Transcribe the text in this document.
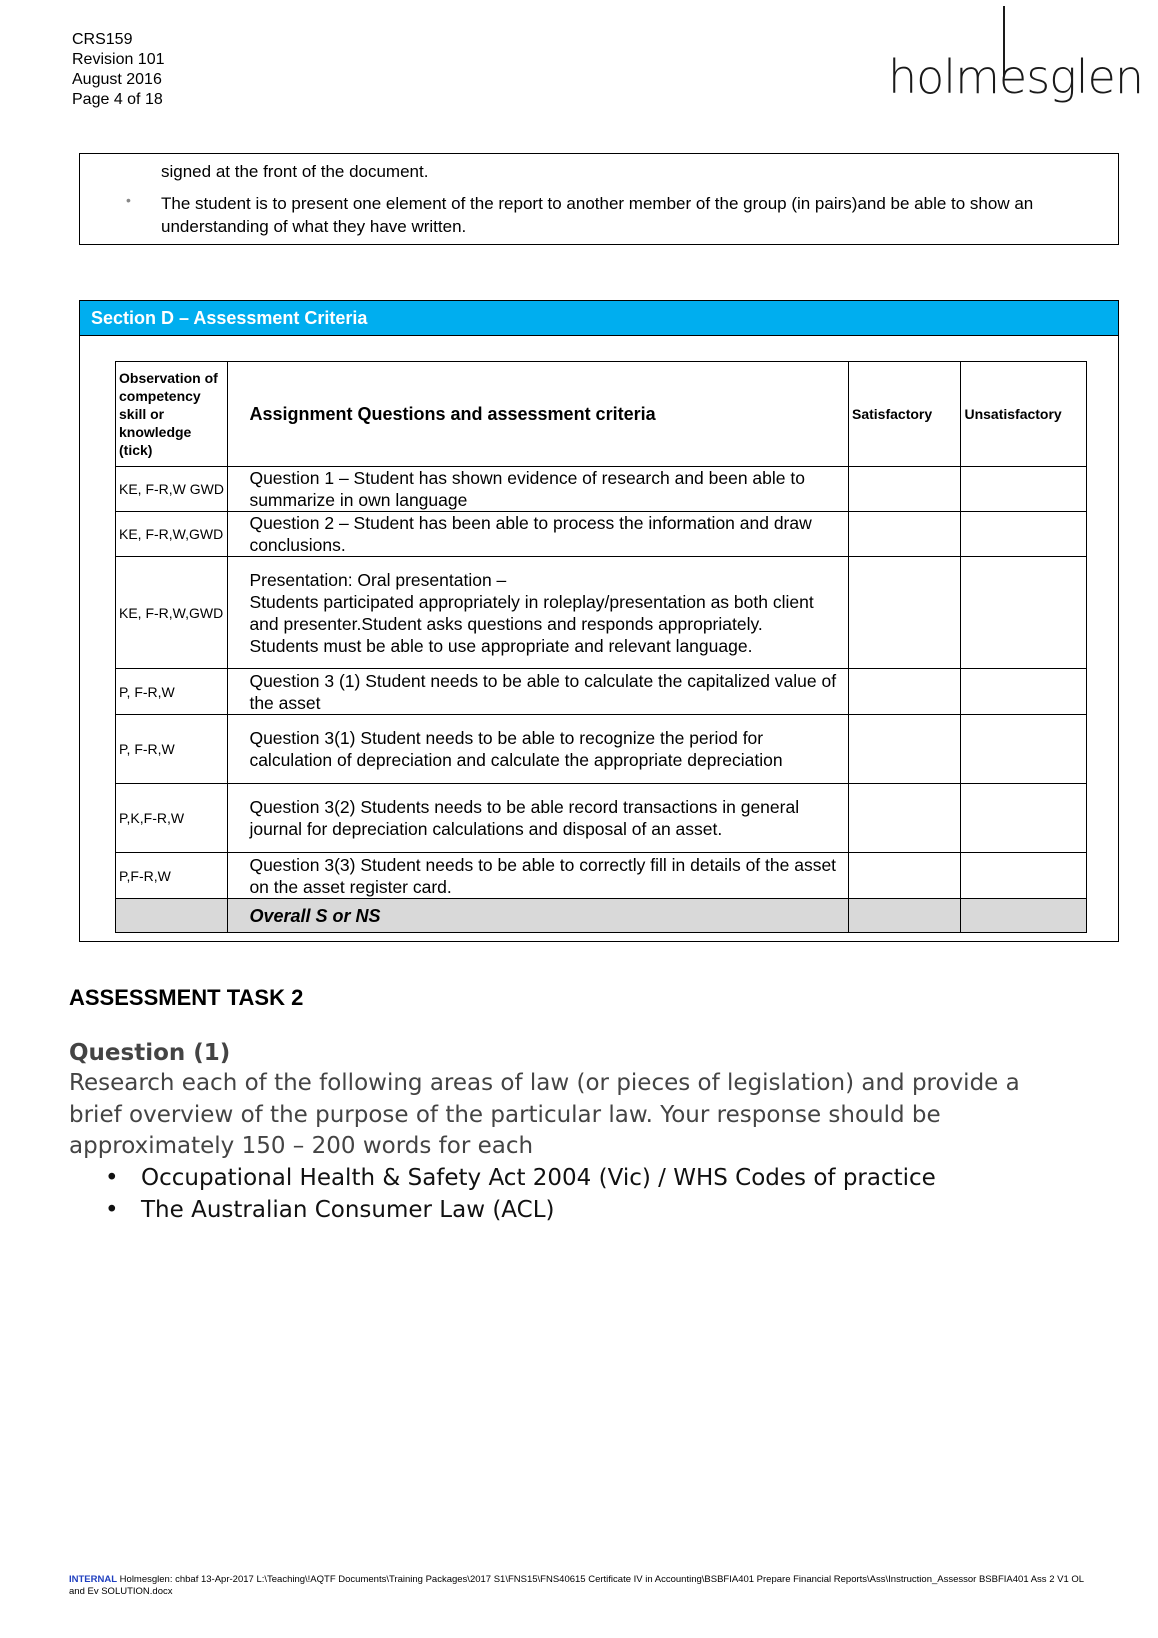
CRS159
Revision 101
August 2016
Page 4 of 18	holmesglen
signed at the front of the document.
• The student is to present one element of the report to another member of the group (in pairs)and be able to show an understanding of what they have written.
Section D – Assessment Criteria
Observation of competency skill or knowledge (tick)	Assignment Questions and assessment criteria	Satisfactory	Unsatisfactory
KE, F-R,W GWD	Question 1 – Student has shown evidence of research and been able to summarize in own language		
KE, F-R,W,GWD	Question 2 – Student has been able to process the information and draw conclusions.		
KE, F-R,W,GWD	Presentation: Oral presentation –
Students participated appropriately in roleplay/presentation as both client and presenter.Student asks questions and responds appropriately.
Students must be able to use appropriate and relevant language.		
P, F-R,W	Question 3 (1) Student needs to be able to calculate the capitalized value of the asset		
P, F-R,W	Question 3(1) Student needs to be able to recognize the period for calculation of depreciation and calculate the appropriate depreciation		
P,K,F-R,W	Question 3(2) Students needs to be able record transactions in general journal for depreciation calculations and disposal of an asset.		
P,F-R,W	Question 3(3) Student needs to be able to correctly fill in details of the asset on the asset register card.		
	Overall S or NS		
ASSESSMENT TASK 2
Question (1)
Research each of the following areas of law (or pieces of legislation) and provide a brief overview of the purpose of the particular law. Your response should be approximately 150 – 200 words for each
• Occupational Health & Safety Act 2004 (Vic) / WHS Codes of practice
• The Australian Consumer Law (ACL)
INTERNAL Holmesglen: chbaf 13-Apr-2017 L:\Teaching\!AQTF Documents\Training Packages\2017 S1\FNS15\FNS40615 Certificate IV in Accounting\BSBFIA401 Prepare Financial Reports\Ass\Instruction_Assessor BSBFIA401 Ass 2 V1 OL and Ev SOLUTION.docx
